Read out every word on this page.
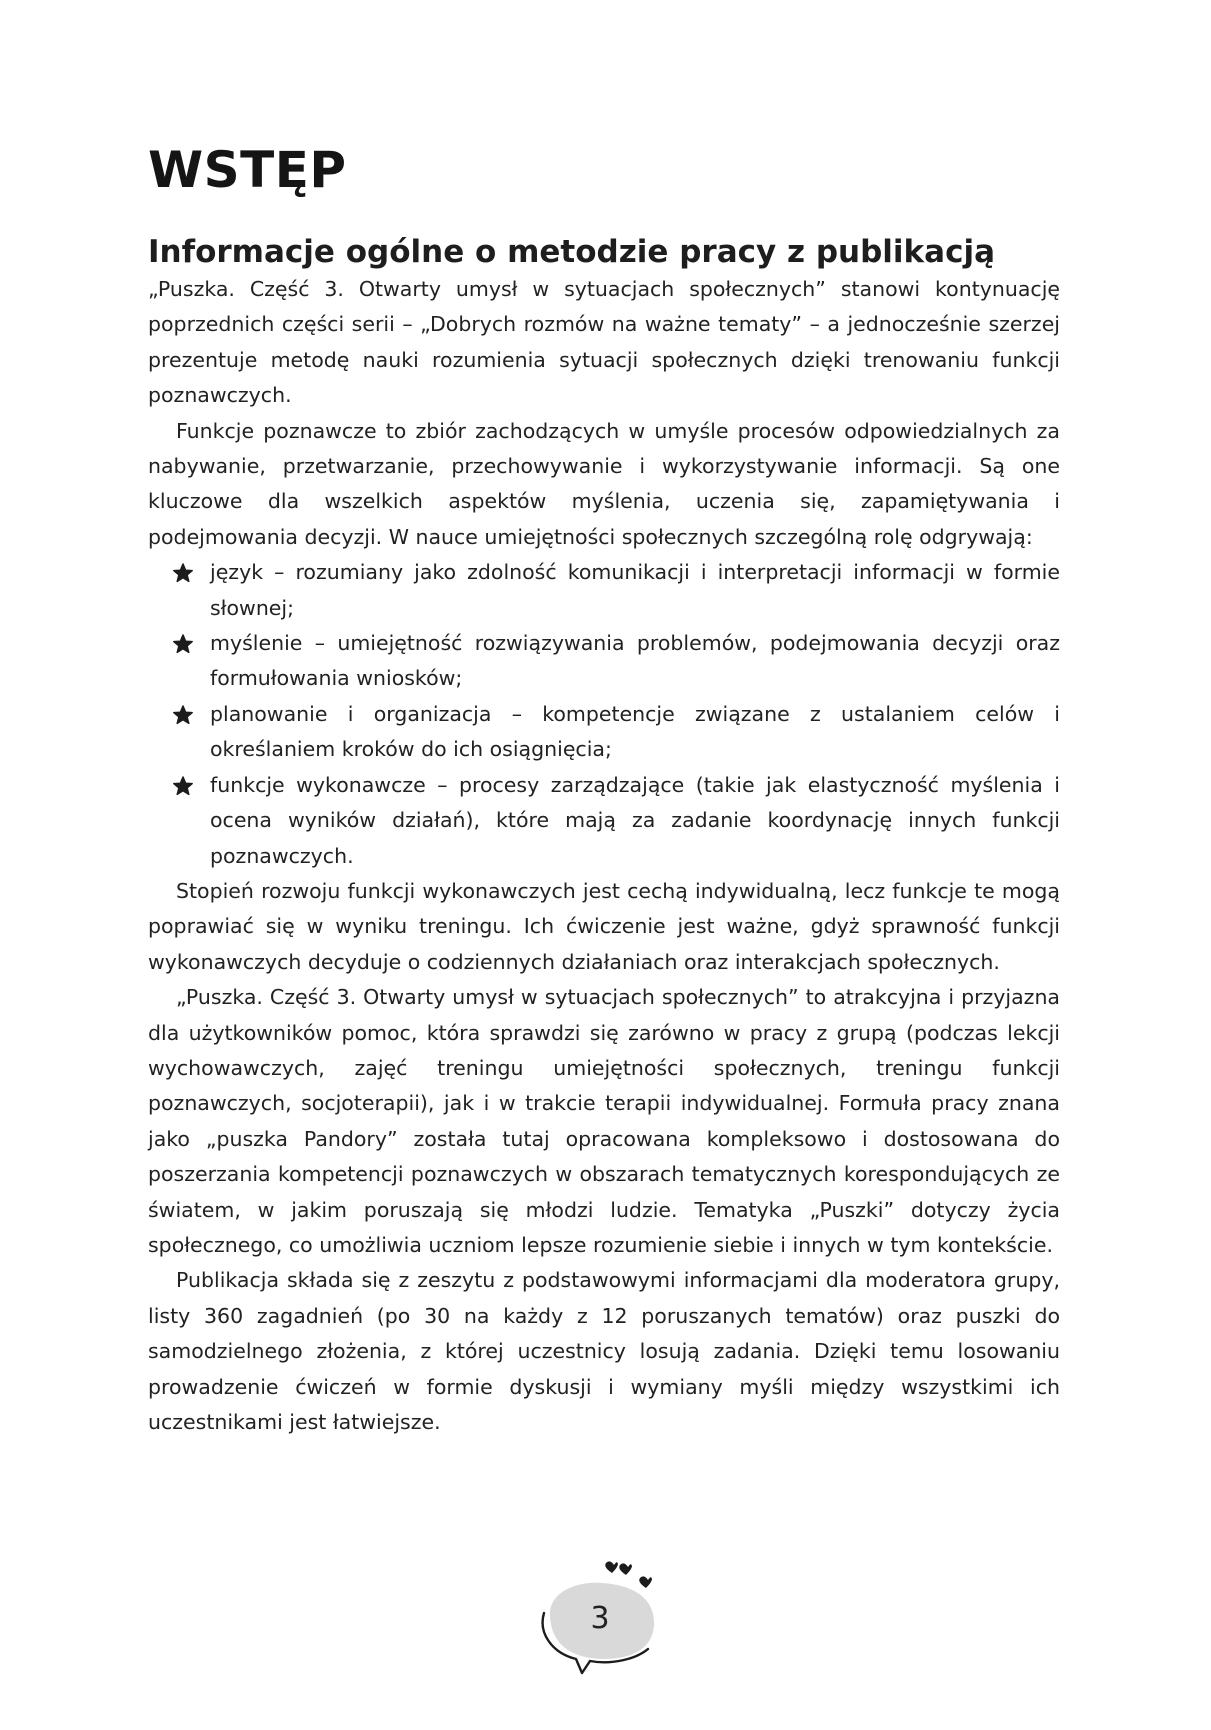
WSTĘP
Informacje ogólne o metodzie pracy z publikacją

„Puszka. Część 3. Otwarty umysł w sytuacjach społecznych” stanowi kontynuację poprzednich części serii – „Dobrych rozmów na ważne tematy” – a jednocześnie szerzej prezentuje metodę nauki rozumienia sytuacji społecznych dzięki trenowaniu funkcji poznawczych.

Funkcje poznawcze to zbiór zachodzących w umyśle procesów odpowiedzialnych za nabywanie, przetwarzanie, przechowywanie i wykorzystywanie informacji. Są one kluczowe dla wszelkich aspektów myślenia, uczenia się, zapamiętywania i podejmowania decyzji. W nauce umiejętności społecznych szczególną rolę odgrywają:

język – rozumiany jako zdolność komunikacji i interpretacji informacji w formie słownej;
myślenie – umiejętność rozwiązywania problemów, podejmowania decyzji oraz formułowania wniosków;
planowanie i organizacja – kompetencje związane z ustalaniem celów i określaniem kroków do ich osiągnięcia;
funkcje wykonawcze – procesy zarządzające (takie jak elastyczność myślenia i ocena wyników działań), które mają za zadanie koordynację innych funkcji poznawczych.

Stopień rozwoju funkcji wykonawczych jest cechą indywidualną, lecz funkcje te mogą poprawiać się w wyniku treningu. Ich ćwiczenie jest ważne, gdyż sprawność funkcji wykonawczych decyduje o codziennych działaniach oraz interakcjach społecznych.

„Puszka. Część 3. Otwarty umysł w sytuacjach społecznych” to atrakcyjna i przyjazna dla użytkowników pomoc, która sprawdzi się zarówno w pracy z grupą (podczas lekcji wychowawczych, zajęć treningu umiejętności społecznych, treningu funkcji poznawczych, socjoterapii), jak i w trakcie terapii indywidualnej. Formuła pracy znana jako „puszka Pandory” została tutaj opracowana kompleksowo i dostosowana do poszerzania kompetencji poznawczych w obszarach tematycznych korespondujących ze światem, w jakim poruszają się młodzi ludzie. Tematyka „Puszki” dotyczy życia społecznego, co umożliwia uczniom lepsze rozumienie siebie i innych w tym kontekście.

Publikacja składa się z zeszytu z podstawowymi informacjami dla moderatora grupy, listy 360 zagadnień (po 30 na każdy z 12 poruszanych tematów) oraz puszki do samodzielnego złożenia, z której uczestnicy losują zadania. Dzięki temu losowaniu prowadzenie ćwiczeń w formie dyskusji i wymiany myśli między wszystkimi ich uczestnikami jest łatwiejsze.

3
